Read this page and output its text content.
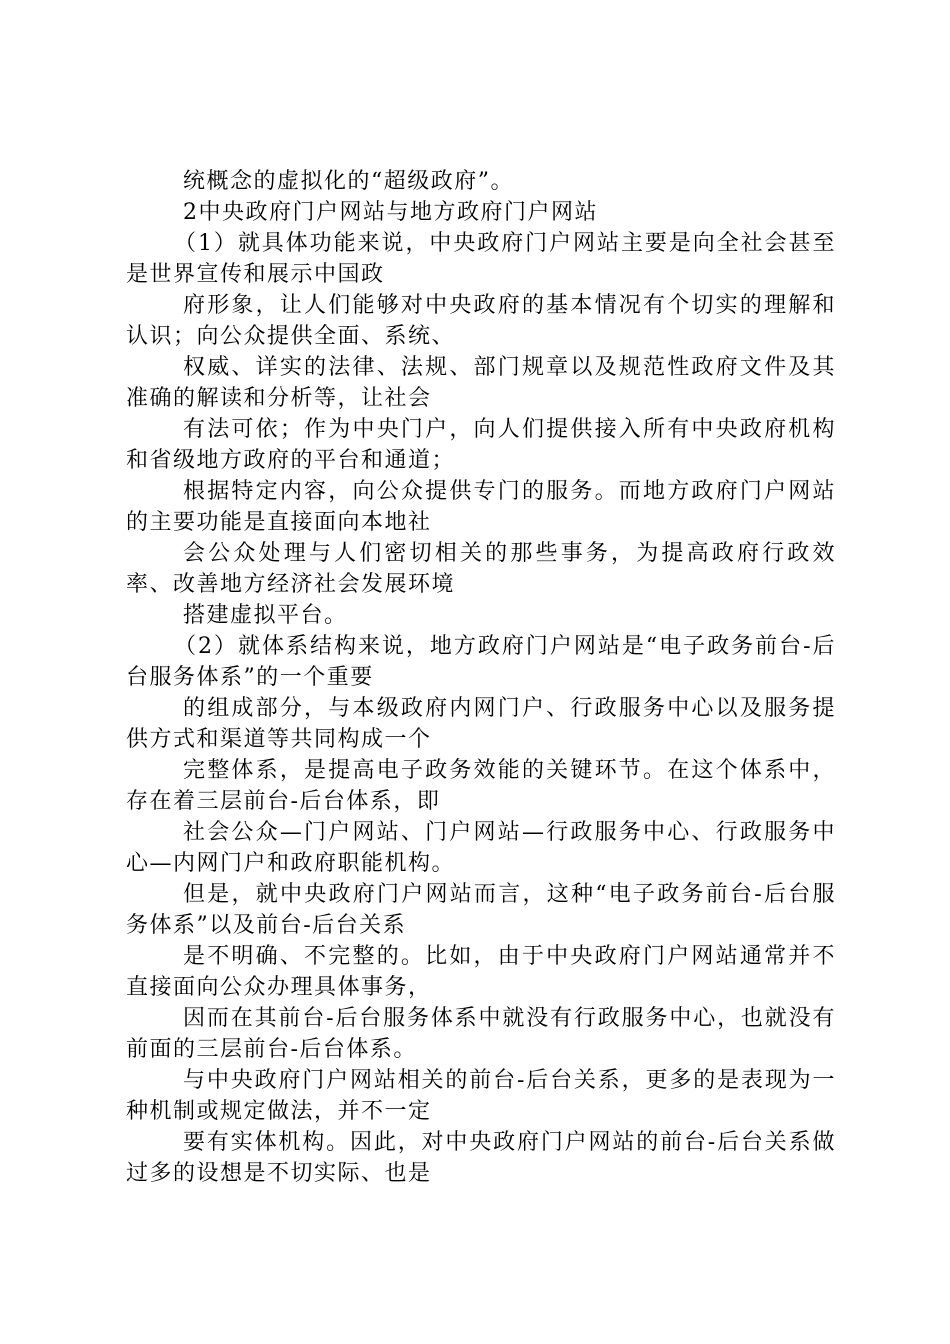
统概念的虚拟化的“超级政府”。

2中央政府门户网站与地方政府门户网站

（1）就具体功能来说，中央政府门户网站主要是向全社会甚至是世界宣传和展示中国政

府形象，让人们能够对中央政府的基本情况有个切实的理解和认识；向公众提供全面、系统、

权威、详实的法律、法规、部门规章以及规范性政府文件及其准确的解读和分析等，让社会

有法可依；作为中央门户，向人们提供接入所有中央政府机构和省级地方政府的平台和通道；

根据特定内容，向公众提供专门的服务。而地方政府门户网站的主要功能是直接面向本地社

会公众处理与人们密切相关的那些事务，为提高政府行政效率、改善地方经济社会发展环境

搭建虚拟平台。

（2）就体系结构来说，地方政府门户网站是“电子政务前台-后台服务体系”的一个重要

的组成部分，与本级政府内网门户、行政服务中心以及服务提供方式和渠道等共同构成一个

完整体系，是提高电子政务效能的关键环节。在这个体系中，存在着三层前台-后台体系，即

社会公众—门户网站、门户网站—行政服务中心、行政服务中心—内网门户和政府职能机构。

但是，就中央政府门户网站而言，这种“电子政务前台-后台服务体系”以及前台-后台关系

是不明确、不完整的。比如，由于中央政府门户网站通常并不直接面向公众办理具体事务，

因而在其前台-后台服务体系中就没有行政服务中心，也就没有前面的三层前台-后台体系。

与中央政府门户网站相关的前台-后台关系，更多的是表现为一种机制或规定做法，并不一定

要有实体机构。因此，对中央政府门户网站的前台-后台关系做过多的设想是不切实际、也是
